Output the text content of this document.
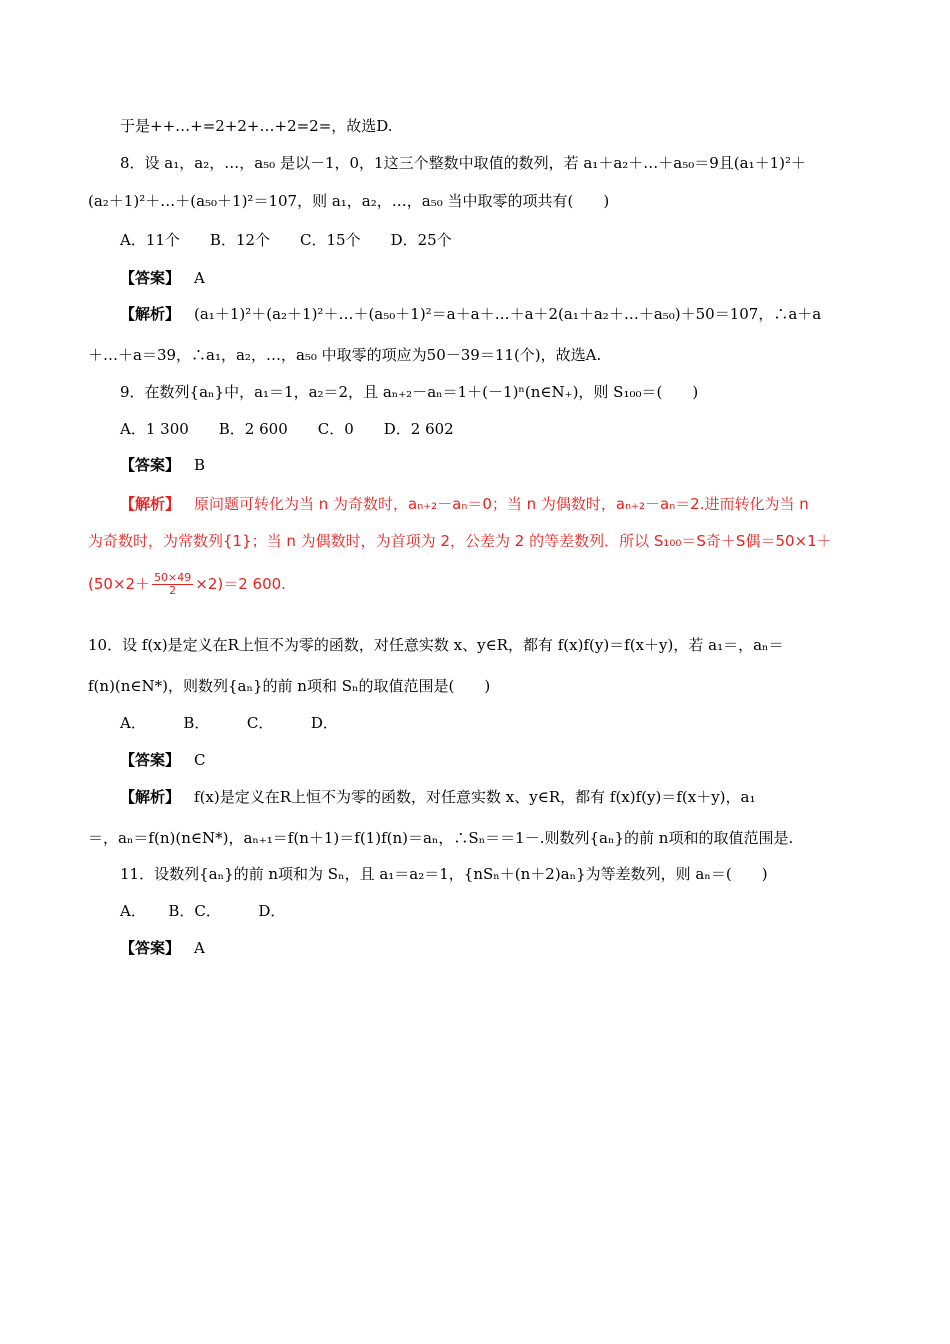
于是++…+=2+2+…+2=2=，故选D.
8．设 a₁，a₂，…，a₅₀ 是以－1，0，1这三个整数中取值的数列，若 a₁＋a₂＋…＋a₅₀＝9且(a₁＋1)²＋
(a₂＋1)²＋…＋(a₅₀＋1)²＝107，则 a₁，a₂，…，a₅₀ 当中取零的项共有(　　)
A．11个　　B．12个　　C．15个　　D．25个
【答案】 A
【解析】 (a₁＋1)²＋(a₂＋1)²＋…＋(a₅₀＋1)²＝a＋a＋…＋a＋2(a₁＋a₂＋…＋a₅₀)＋50＝107，∴a＋a
＋…＋a＝39，∴a₁，a₂，…，a₅₀ 中取零的项应为50－39＝11(个)，故选A.
9．在数列{aₙ}中，a₁＝1，a₂＝2，且 aₙ₊₂－aₙ＝1＋(－1)ⁿ(n∈N₊)，则 S₁₀₀＝(　　)
A．1 300　　B．2 600　　C．0　　D．2 602
【答案】 B
【解析】 原问题可转化为当 n 为奇数时，aₙ₊₂－aₙ＝0；当 n 为偶数时，aₙ₊₂－aₙ＝2.进而转化为当 n
为奇数时，为常数列{1}；当 n 为偶数时，为首项为 2，公差为 2 的等差数列．所以 S₁₀₀＝S奇＋S偶＝50×1＋
$(50\times 2+ \frac{50\times 49}{2} \times 2)=2$ 600.
10．设 f(x)是定义在R上恒不为零的函数，对任意实数 x、y∈R，都有 f(x)f(y)＝f(x＋y)，若 a₁＝，aₙ＝
f(n)(n∈N*)，则数列{aₙ}的前 n项和 Sₙ的取值范围是(　　)
A．　　　B．　　　C．　　　D．
【答案】 C
【解析】 f(x)是定义在R上恒不为零的函数，对任意实数 x、y∈R，都有 f(x)f(y)＝f(x＋y)，a₁
＝，aₙ＝f(n)(n∈N*)，aₙ₊₁＝f(n＋1)＝f(1)f(n)＝aₙ，∴Sₙ＝＝1－.则数列{aₙ}的前 n项和的取值范围是.
11．设数列{aₙ}的前 n项和为 Sₙ，且 a₁＝a₂＝1，{nSₙ＋(n＋2)aₙ}为等差数列，则 aₙ＝(　　)
A．　　B．C．　　　D．
【答案】 A
